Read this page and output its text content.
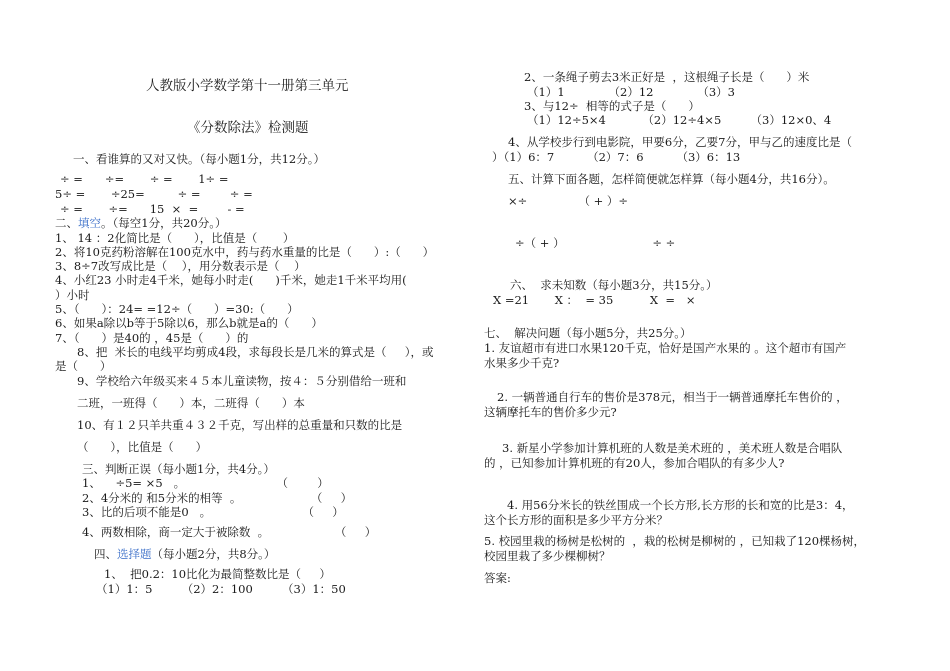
人教版小学数学第十一册第三单元
《分数除法》检测题
一、看谁算的又对又快。（每小题1分，共12分。）
÷ =      ÷=       ÷ =       1÷ =
5÷ =       ÷25=         ÷ =        ÷ =
÷ =       ÷=      15  ×  =        - =
二、填空。（每空1分，共20分。）
1、 14 ：2化简比是（      ），比值是（       ）
2、将10克药粉溶解在100克水中，药与药水重量的比是（      ）:（      ）
3、8÷7改写成比是（    ），用分数表示是（    ）
4、小红23 小时走4千米，她每小时走(      )千米，她走1千米平均用(
）小时
5、（      ）：24= =12÷（      ）=30:（      ）
6、如果a除以b等于5除以6，那么b就是a的（      ）
7、（      ）是40的 ，45是（      ）的
8、把  米长的电线平均剪成4段，求每段长是几米的算式是（     ），或
是（      ）
9、学校给六年级买来４５本儿童读物，按４：５分别借给一班和
二班，一班得（      ）本，二班得（      ）本
10、有１２只羊共重４３２千克，写出样的总重量和只数的比是
（      ），比值是（      ）
三、判断正误（每小题1分，共4分。）
1、    ÷5= ×5   。                         （        ）
2、4分米的 和5分米的相等  。                   （     ）
3、比的后项不能是0   。                         （     ）
4、两数相除，商一定大于被除数  。                  （     ）
四、选择题（每小题2分，共8分。）
1、  把0.2：10比化为最简整数比是（     ）
（1）1：5        （2）2：100        （3）1：50
2、一条绳子剪去3米正好是  ，这根绳子长是（      ）米
（1）1            （2）12            （3）3
3、与12÷  相等的式子是（      ）
（1）12÷5×4          （2）12÷4×5        （3）12×0、4
4、从学校步行到电影院，甲要6分，乙要7分，甲与乙的速度比是（
）（1）6：7         （2）7：6         （3）6：13
五、计算下面各题，怎样简便就怎样算（每小题4分，共16分）。
×÷              （ + ）÷
÷（ + ）                        ÷ ÷
六、  求未知数（每小题3分，共15分。）
Χ =21       Χ ：  = 35          Χ  =   ×
七、  解决问题（每小题5分，共25分。）
1. 友谊超市有进口水果120千克，恰好是国产水果的 。这个超市有国产
水果多少千克?
2. 一辆普通自行车的售价是378元，相当于一辆普通摩托车售价的 ，
这辆摩托车的售价多少元?
3. 新星小学参加计算机班的人数是美术班的 ，美术班人数是合唱队
的 ，已知参加计算机班的有20人，参加合唱队的有多少人?
4. 用56分米长的铁丝围成一个长方形,长方形的长和宽的比是3：4，
这个长方形的面积是多少平方分米？
5. 校园里栽的杨树是松树的  ，栽的松树是柳树的 ，已知栽了120棵杨树，
校园里栽了多少棵柳树？
答案:
